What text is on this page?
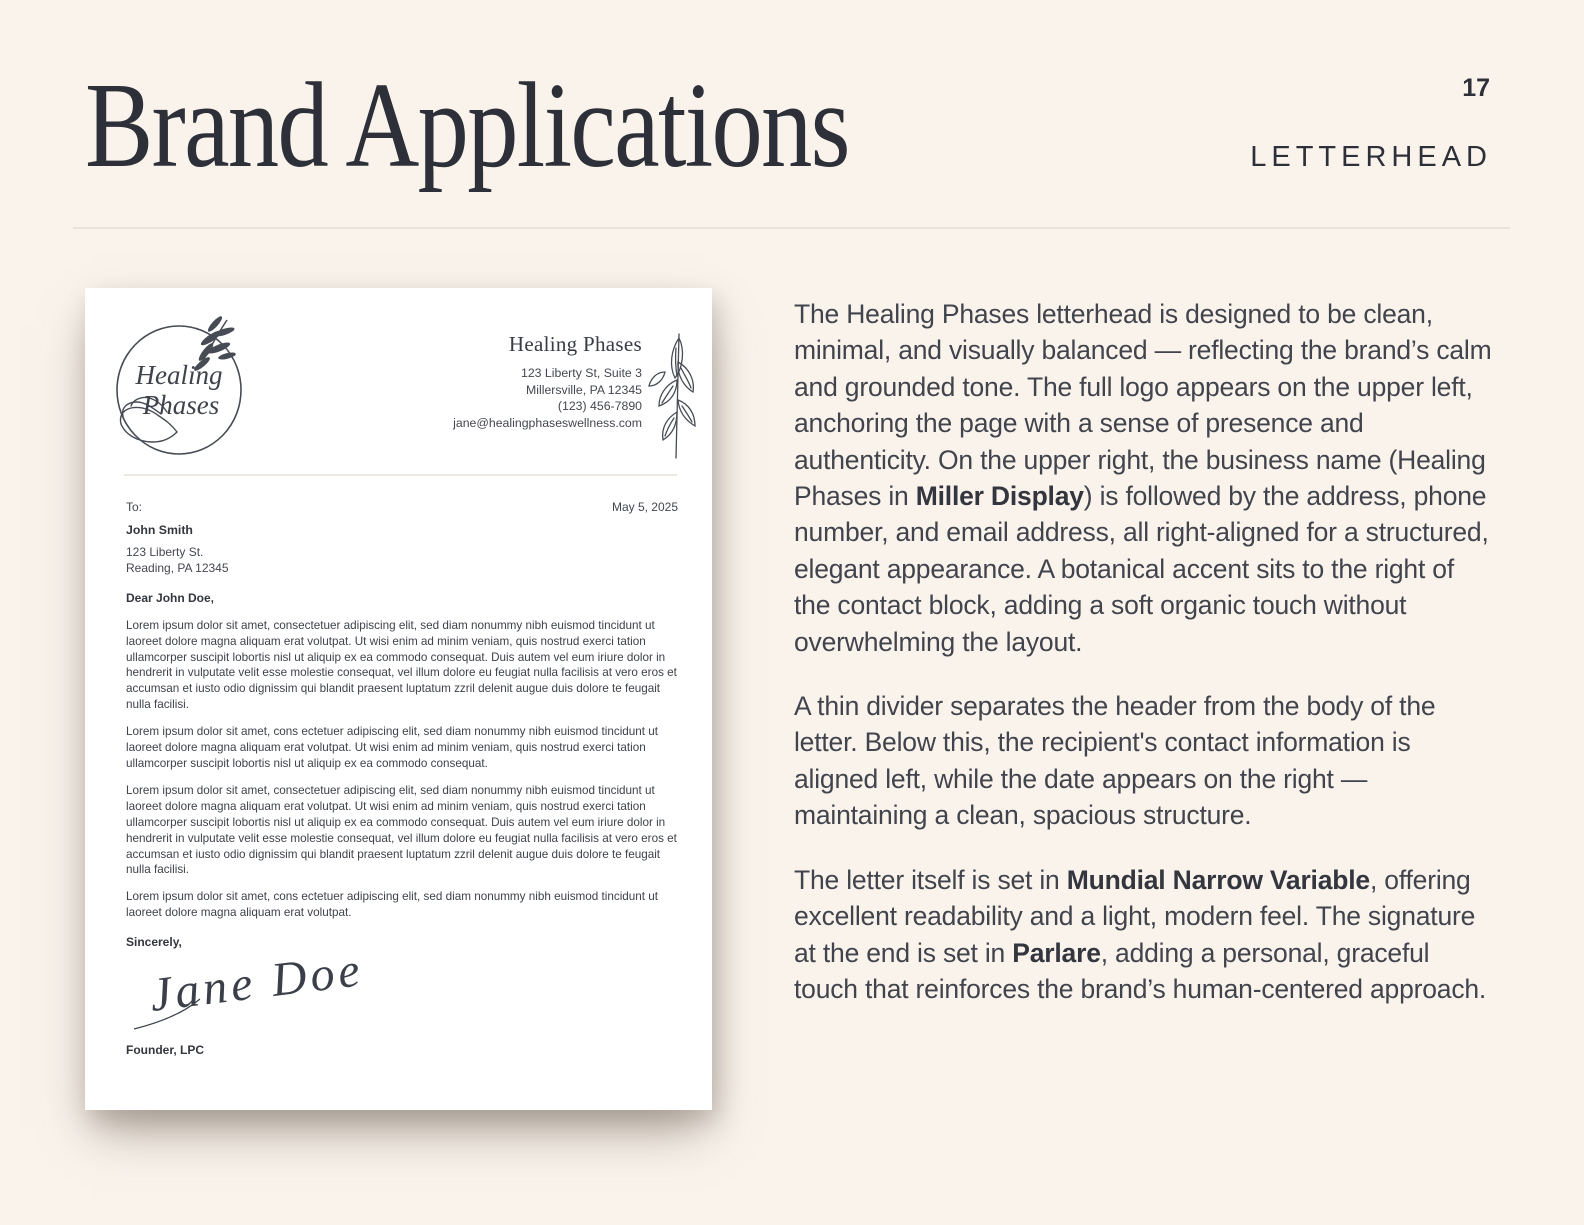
Brand Applications	17
LETTERHEAD
Healing
Phases
Healing Phases
123 Liberty St, Suite 3
Millersville, PA 12345
(123) 456-7890
jane@healingphaseswellness.com
To:	May 5, 2025
John Smith
123 Liberty St.
Reading, PA 12345
Dear John Doe,

Lorem ipsum dolor sit amet, consectetuer adipiscing elit, sed diam nonummy nibh euismod tincidunt ut laoreet dolore magna aliquam erat volutpat. Ut wisi enim ad minim veniam, quis nostrud exerci tation ullamcorper suscipit lobortis nisl ut aliquip ex ea commodo consequat. Duis autem vel eum iriure dolor in hendrerit in vulputate velit esse molestie consequat, vel illum dolore eu feugiat nulla facilisis at vero eros et accumsan et iusto odio dignissim qui blandit praesent luptatum zzril delenit augue duis dolore te feugait nulla facilisi.

Lorem ipsum dolor sit amet, cons ectetuer adipiscing elit, sed diam nonummy nibh euismod tincidunt ut laoreet dolore magna aliquam erat volutpat. Ut wisi enim ad minim veniam, quis nostrud exerci tation ullamcorper suscipit lobortis nisl ut aliquip ex ea commodo consequat.

Lorem ipsum dolor sit amet, consectetuer adipiscing elit, sed diam nonummy nibh euismod tincidunt ut laoreet dolore magna aliquam erat volutpat. Ut wisi enim ad minim veniam, quis nostrud exerci tation ullamcorper suscipit lobortis nisl ut aliquip ex ea commodo consequat. Duis autem vel eum iriure dolor in hendrerit in vulputate velit esse molestie consequat, vel illum dolore eu feugiat nulla facilisis at vero eros et accumsan et iusto odio dignissim qui blandit praesent luptatum zzril delenit augue duis dolore te feugait nulla facilisi.

Lorem ipsum dolor sit amet, cons ectetuer adipiscing elit, sed diam nonummy nibh euismod tincidunt ut laoreet dolore magna aliquam erat volutpat.

Sincerely,
Jane Doe
Founder, LPC

The Healing Phases letterhead is designed to be clean, minimal, and visually balanced — reflecting the brand’s calm and grounded tone. The full logo appears on the upper left, anchoring the page with a sense of presence and authenticity. On the upper right, the business name (Healing Phases in Miller Display) is followed by the address, phone number, and email address, all right-aligned for a structured, elegant appearance. A botanical accent sits to the right of the contact block, adding a soft organic touch without overwhelming the layout.

A thin divider separates the header from the body of the letter. Below this, the recipient's contact information is aligned left, while the date appears on the right — maintaining a clean, spacious structure.

The letter itself is set in Mundial Narrow Variable, offering excellent readability and a light, modern feel. The signature at the end is set in Parlare, adding a personal, graceful touch that reinforces the brand’s human-centered approach.
